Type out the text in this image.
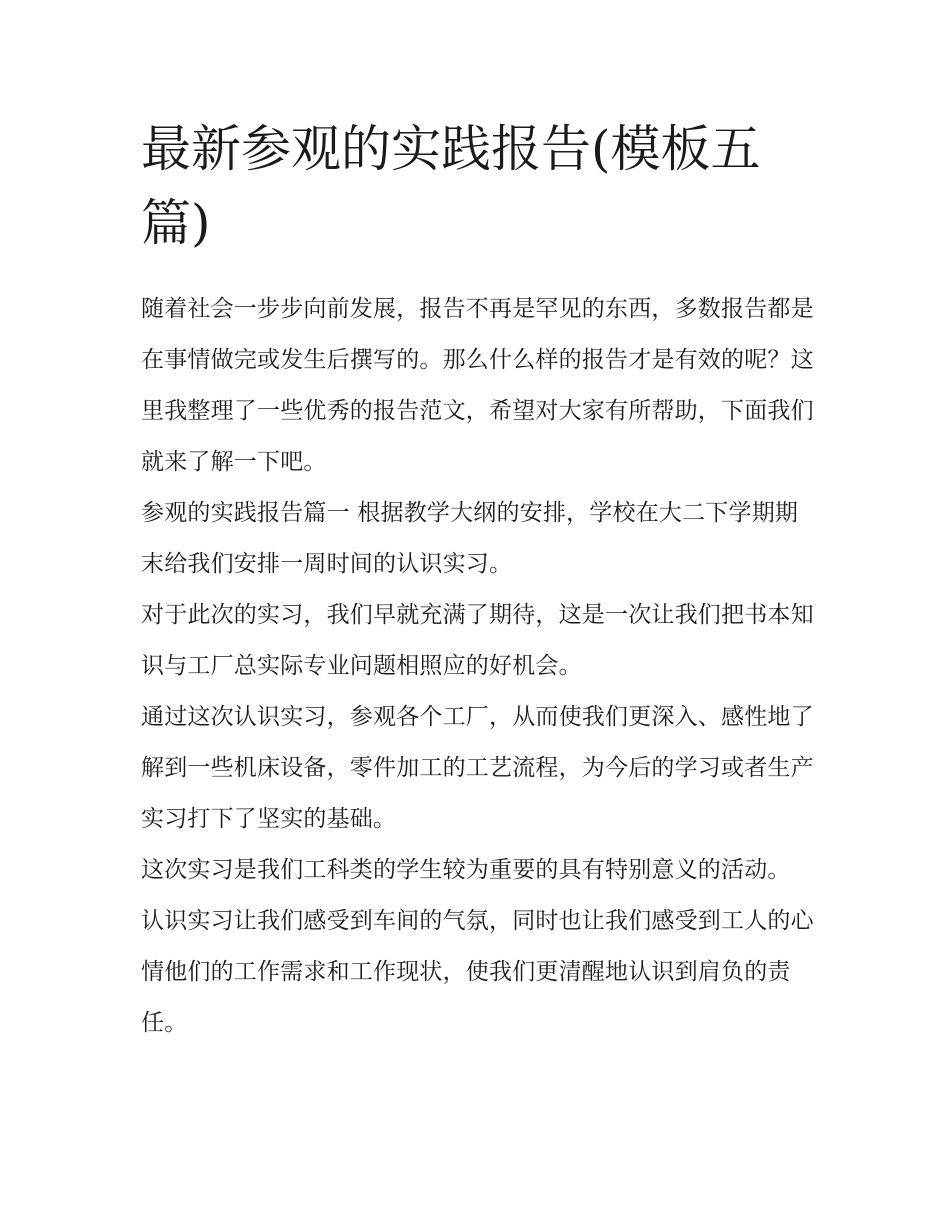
最新参观的实践报告(模板五篇)

随着社会一步步向前发展，报告不再是罕见的东西，多数报告都是在事情做完或发生后撰写的。那么什么样的报告才是有效的呢？这里我整理了一些优秀的报告范文，希望对大家有所帮助，下面我们就来了解一下吧。

参观的实践报告篇一 根据教学大纲的安排，学校在大二下学期期末给我们安排一周时间的认识实习。

对于此次的实习，我们早就充满了期待，这是一次让我们把书本知识与工厂总实际专业问题相照应的好机会。

通过这次认识实习，参观各个工厂，从而使我们更深入、感性地了解到一些机床设备，零件加工的工艺流程，为今后的学习或者生产实习打下了坚实的基础。

这次实习是我们工科类的学生较为重要的具有特别意义的活动。

认识实习让我们感受到车间的气氛，同时也让我们感受到工人的心情他们的工作需求和工作现状，使我们更清醒地认识到肩负的责任。
